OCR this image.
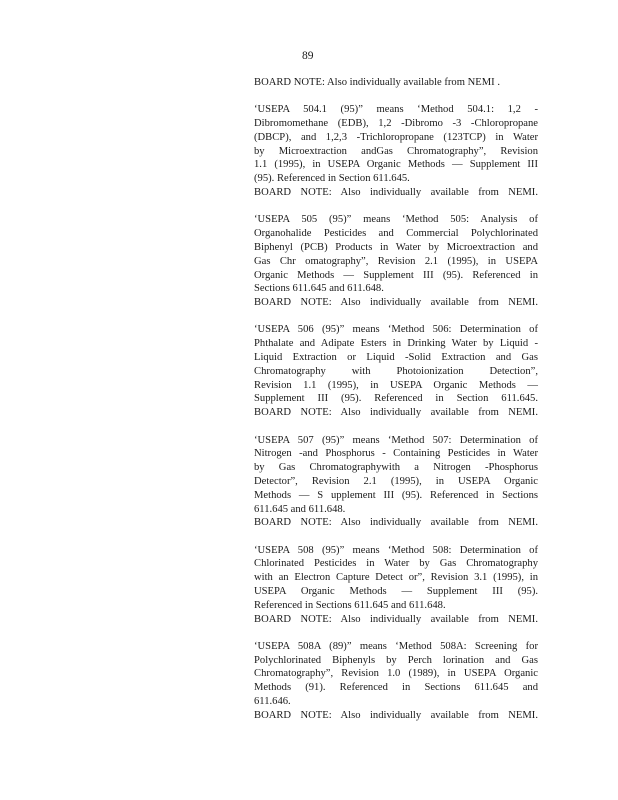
89
BOARD NOTE: Also individually available from NEMI .
‘USEPA 504.1 (95)” means ‘Method 504.1: 1,2 -
Dibromomethane (EDB), 1,2 -Dibromo -3 -Chloropropane
(DBCP), and 1,2,3 -Trichloropropane (123TCP) in Water
by Microextraction andGas Chromatography”, Revision
1.1 (1995), in USEPA Organic Methods — Supplement III
(95). Referenced in Section 611.645.
BOARD NOTE: Also individually available from NEMI.
‘USEPA 505 (95)” means ‘Method 505: Analysis of
Organohalide Pesticides and Commercial Polychlorinated
Biphenyl (PCB) Products in Water by Microextraction and
Gas Chr omatography”, Revision 2.1 (1995), in USEPA
Organic Methods — Supplement III (95). Referenced in
Sections 611.645 and 611.648.
BOARD NOTE: Also individually available from NEMI.
‘USEPA 506 (95)” means ‘Method 506: Determination of
Phthalate and Adipate Esters in Drinking Water by Liquid -
Liquid Extraction or Liquid -Solid Extraction and Gas
Chromatography with Photoionization Detection”,
Revision 1.1 (1995), in USEPA Organic Methods —
Supplement III (95). Referenced in Section 611.645.
BOARD NOTE: Also individually available from NEMI.
‘USEPA 507 (95)” means ‘Method 507: Determination of
Nitrogen -and Phosphorus - Containing Pesticides in Water
by Gas Chromatographywith a Nitrogen -Phosphorus
Detector”, Revision 2.1 (1995), in USEPA Organic
Methods — S upplement III (95). Referenced in Sections
611.645 and 611.648.
BOARD NOTE: Also individually available from NEMI.
‘USEPA 508 (95)” means ‘Method 508: Determination of
Chlorinated Pesticides in Water by Gas Chromatography
with an Electron Capture Detect or”, Revision 3.1 (1995), in
USEPA Organic Methods — Supplement III (95).
Referenced in Sections 611.645 and 611.648.
BOARD NOTE: Also individually available from NEMI.
‘USEPA 508A (89)” means ‘Method 508A: Screening for
Polychlorinated Biphenyls by Perch lorination and Gas
Chromatography”, Revision 1.0 (1989), in USEPA Organic
Methods (91). Referenced in Sections 611.645 and
611.646.
BOARD NOTE: Also individually available from NEMI.
